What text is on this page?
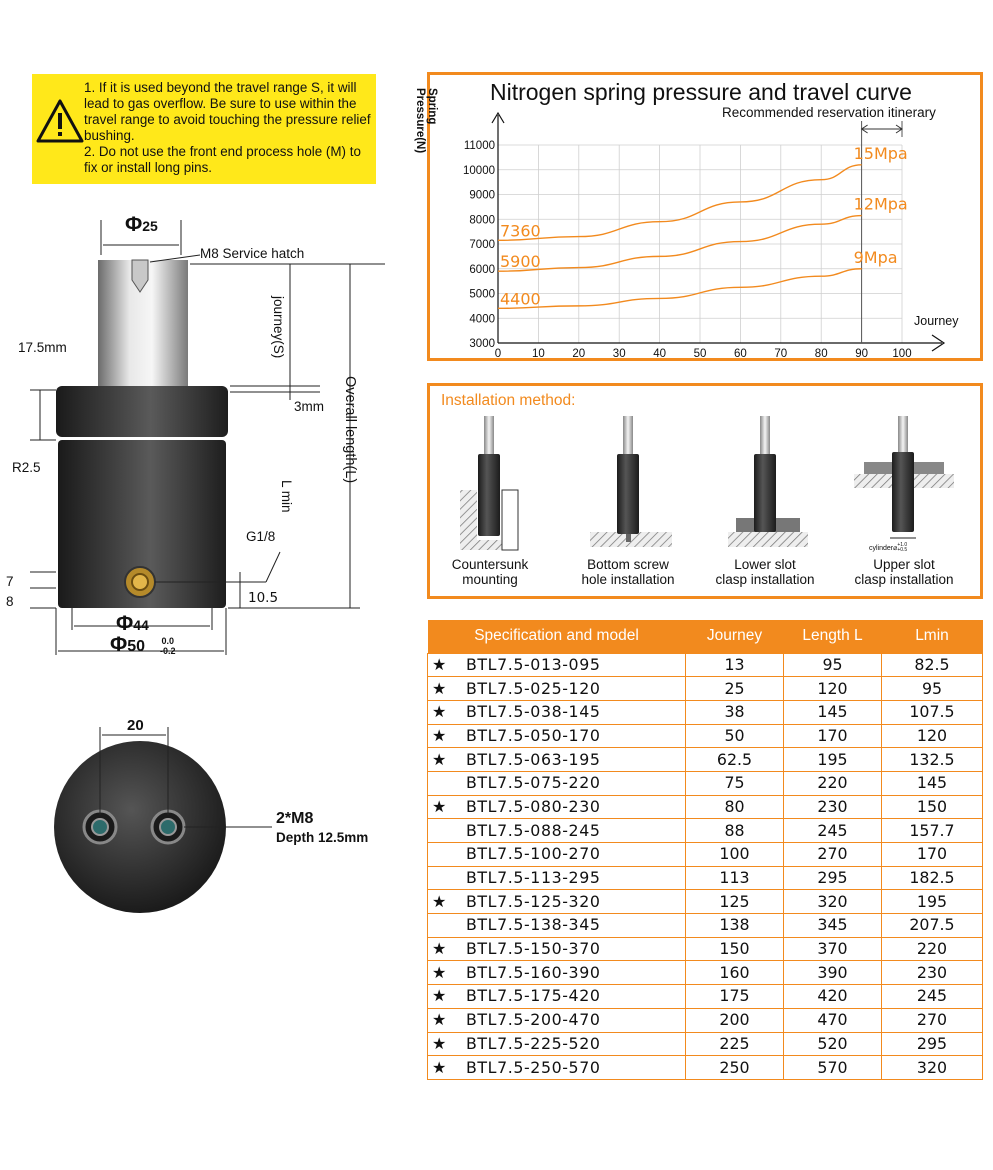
1. If it is used beyond the travel range S, it will lead to gas overflow. Be sure to use within the travel range to avoid touching the pressure relief bushing.
2. Do not use the front end process hole (M) to fix or install long pins.
Φ25
M8 Service hatch
17.5mm	journey(S)
Overall length(L)
3mm
R2.5
L min
G1/8
7
8	10.5
Φ44
Φ50 0.0
-0.2
20
2*M8
Depth 12.5mm
Nitrogen spring pressure and travel curve
Recommended reservation itinerary
0	10 20 30 40 50 60 70 80 90 100
3000
4000
5000
6000
7000
8000
9000
10000
11000
Journey
4400
9Mpa
5900
12Mpa
7360
15Mpa
Spring
Pressure(N)
Installation method:
Countersunk
mounting
Bottom screw
hole installation
Lower slot
clasp installation
Upper slot
clasp installation
cylinder⌀ +1.0
+0.5
Specification and model	Journey	Length L	Lmin
★ BTL7.5-013-095	13	95	82.5
★ BTL7.5-025-120	25	120	95
★ BTL7.5-038-145	38	145	107.5
★ BTL7.5-050-170	50	170	120
★ BTL7.5-063-195	62.5	195	132.5
BTL7.5-075-220	75	220	145
★ BTL7.5-080-230	80	230	150
BTL7.5-088-245	88	245	157.7
BTL7.5-100-270	100	270	170
BTL7.5-113-295	113	295	182.5
★ BTL7.5-125-320	125	320	195
BTL7.5-138-345	138	345	207.5
★ BTL7.5-150-370	150	370	220
★ BTL7.5-160-390	160	390	230
★ BTL7.5-175-420	175	420	245
★ BTL7.5-200-470	200	470	270
★ BTL7.5-225-520	225	520	295
★ BTL7.5-250-570	250	570	320
